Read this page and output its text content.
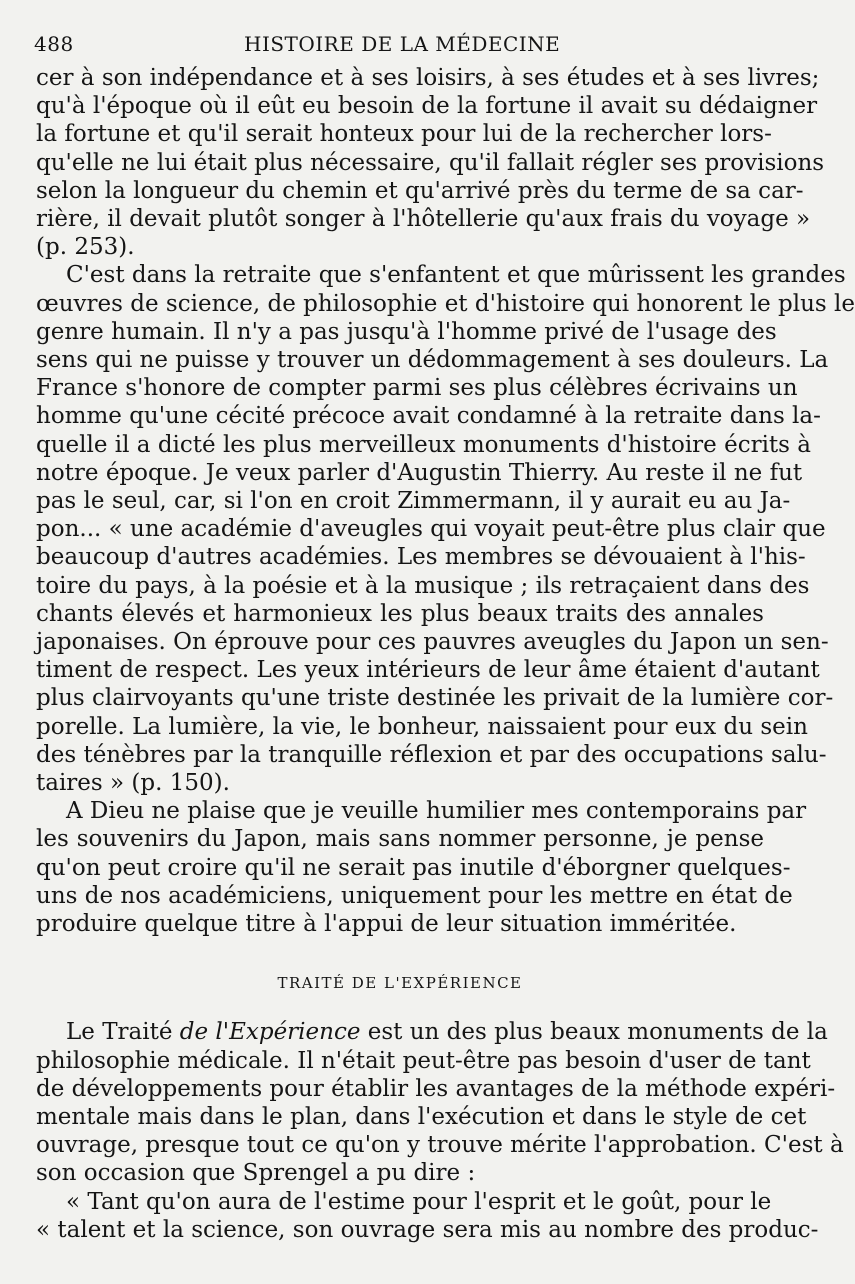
488	HISTOIRE DE LA MÉDECINE
cer à son indépendance et à ses loisirs, à ses études et à ses livres;
qu'à l'époque où il eût eu besoin de la fortune il avait su dédaigner
la fortune et qu'il serait honteux pour lui de la rechercher lors-
qu'elle ne lui était plus nécessaire, qu'il fallait régler ses provisions
selon la longueur du chemin et qu'arrivé près du terme de sa car-
rière, il devait plutôt songer à l'hôtellerie qu'aux frais du voyage »
(p. 253).
C'est dans la retraite que s'enfantent et que mûrissent les grandes
œuvres de science, de philosophie et d'histoire qui honorent le plus le
genre humain. Il n'y a pas jusqu'à l'homme privé de l'usage des
sens qui ne puisse y trouver un dédommagement à ses douleurs. La
France s'honore de compter parmi ses plus célèbres écrivains un
homme qu'une cécité précoce avait condamné à la retraite dans la-
quelle il a dicté les plus merveilleux monuments d'histoire écrits à
notre époque. Je veux parler d'Augustin Thierry. Au reste il ne fut
pas le seul, car, si l'on en croit Zimmermann, il y aurait eu au Ja-
pon... « une académie d'aveugles qui voyait peut-être plus clair que
beaucoup d'autres académies. Les membres se dévouaient à l'his-
toire du pays, à la poésie et à la musique ; ils retraçaient dans des
chants élevés et harmonieux les plus beaux traits des annales
japonaises. On éprouve pour ces pauvres aveugles du Japon un sen-
timent de respect. Les yeux intérieurs de leur âme étaient d'autant
plus clairvoyants qu'une triste destinée les privait de la lumière cor-
porelle. La lumière, la vie, le bonheur, naissaient pour eux du sein
des ténèbres par la tranquille réflexion et par des occupations salu-
taires » (p. 150).
A Dieu ne plaise que je veuille humilier mes contemporains par
les souvenirs du Japon, mais sans nommer personne, je pense
qu'on peut croire qu'il ne serait pas inutile d'éborgner quelques-
uns de nos académiciens, uniquement pour les mettre en état de
produire quelque titre à l'appui de leur situation imméritée.
TRAITÉ DE L'EXPÉRIENCE
Le Traité de l'Expérience est un des plus beaux monuments de la
philosophie médicale. Il n'était peut-être pas besoin d'user de tant
de développements pour établir les avantages de la méthode expéri-
mentale mais dans le plan, dans l'exécution et dans le style de cet
ouvrage, presque tout ce qu'on y trouve mérite l'approbation. C'est à
son occasion que Sprengel a pu dire :
« Tant qu'on aura de l'estime pour l'esprit et le goût, pour le
« talent et la science, son ouvrage sera mis au nombre des produc-
